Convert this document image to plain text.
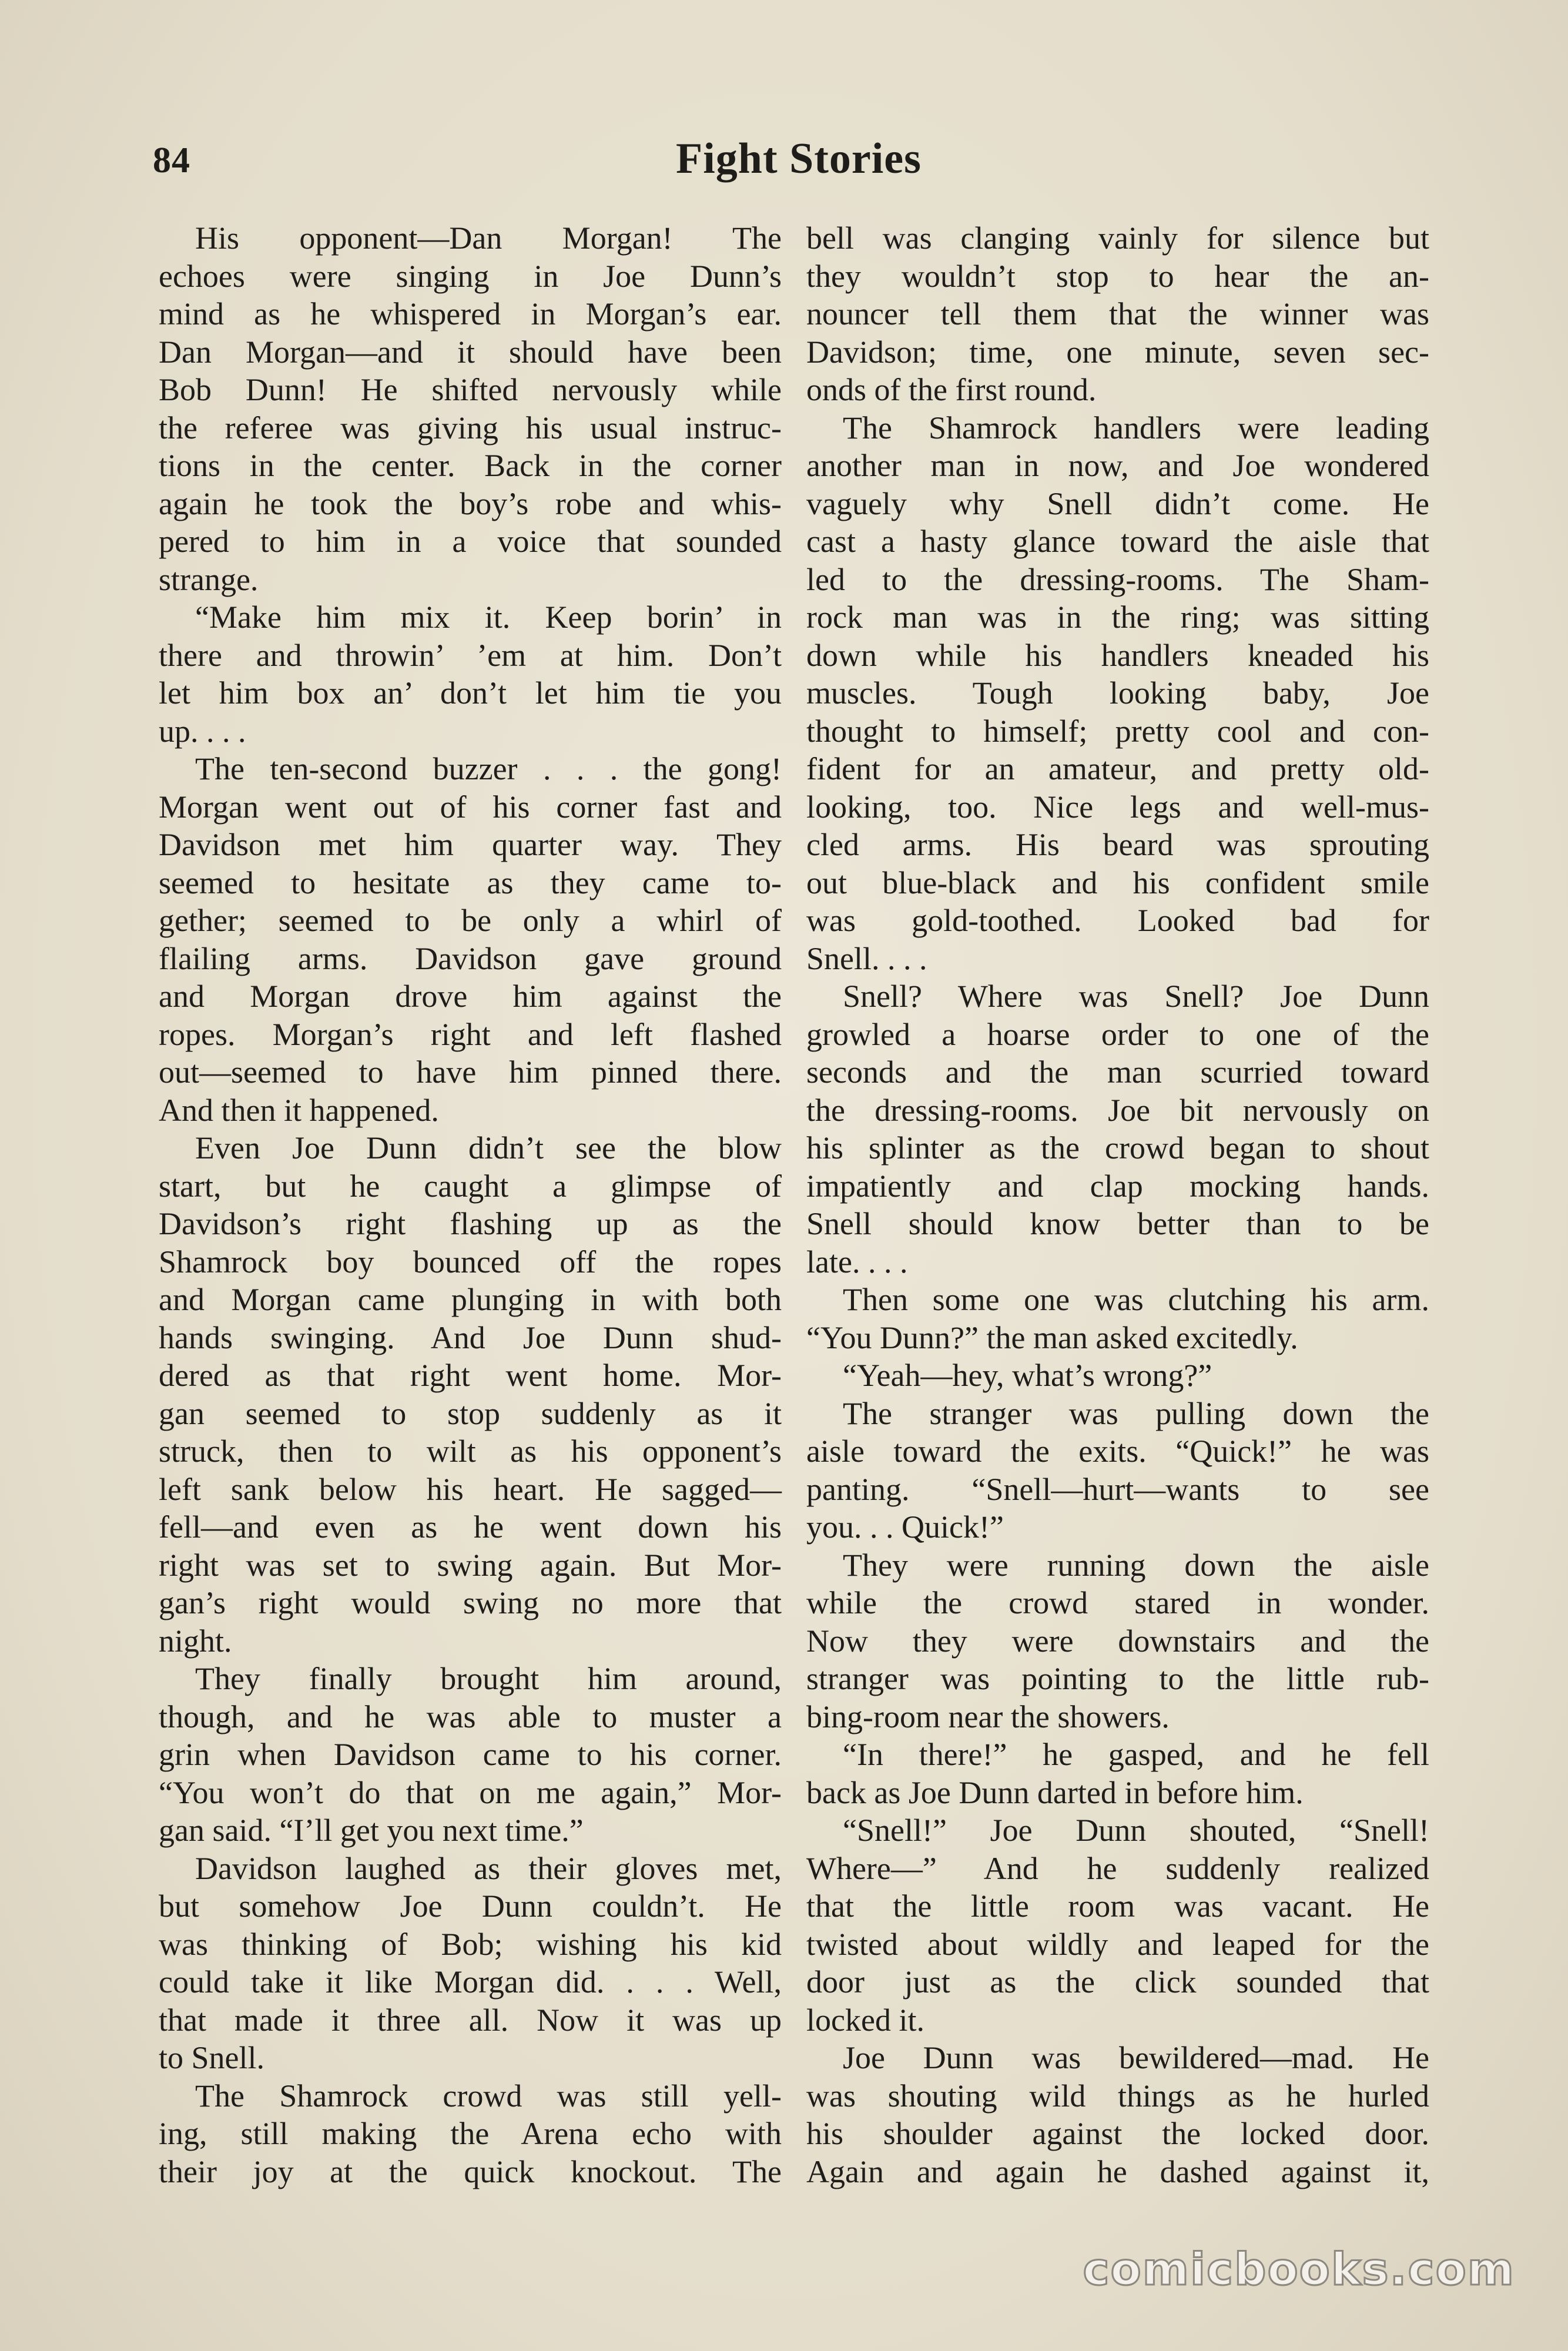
84	Fight Stories
His opponent—Dan Morgan! The
echoes were singing in Joe Dunn’s
mind as he whispered in Morgan’s ear.
Dan Morgan—and it should have been
Bob Dunn! He shifted nervously while
the referee was giving his usual instruc-
tions in the center. Back in the corner
again he took the boy’s robe and whis-
pered to him in a voice that sounded
strange.
“Make him mix it. Keep borin’ in
there and throwin’ ’em at him. Don’t
let him box an’ don’t let him tie you
up. . . .
The ten-second buzzer . . . the gong!
Morgan went out of his corner fast and
Davidson met him quarter way. They
seemed to hesitate as they came to-
gether; seemed to be only a whirl of
flailing arms. Davidson gave ground
and Morgan drove him against the
ropes. Morgan’s right and left flashed
out—seemed to have him pinned there.
And then it happened.
Even Joe Dunn didn’t see the blow
start, but he caught a glimpse of
Davidson’s right flashing up as the
Shamrock boy bounced off the ropes
and Morgan came plunging in with both
hands swinging. And Joe Dunn shud-
dered as that right went home. Mor-
gan seemed to stop suddenly as it
struck, then to wilt as his opponent’s
left sank below his heart. He sagged—
fell—and even as he went down his
right was set to swing again. But Mor-
gan’s right would swing no more that
night.
They finally brought him around,
though, and he was able to muster a
grin when Davidson came to his corner.
“You won’t do that on me again,” Mor-
gan said. “I’ll get you next time.”
Davidson laughed as their gloves met,
but somehow Joe Dunn couldn’t. He
was thinking of Bob; wishing his kid
could take it like Morgan did. . . . Well,
that made it three all. Now it was up
to Snell.
The Shamrock crowd was still yell-
ing, still making the Arena echo with
their joy at the quick knockout. The
bell was clanging vainly for silence but
they wouldn’t stop to hear the an-
nouncer tell them that the winner was
Davidson; time, one minute, seven sec-
onds of the first round.
The Shamrock handlers were leading
another man in now, and Joe wondered
vaguely why Snell didn’t come. He
cast a hasty glance toward the aisle that
led to the dressing-rooms. The Sham-
rock man was in the ring; was sitting
down while his handlers kneaded his
muscles. Tough looking baby, Joe
thought to himself; pretty cool and con-
fident for an amateur, and pretty old-
looking, too. Nice legs and well-mus-
cled arms. His beard was sprouting
out blue-black and his confident smile
was gold-toothed. Looked bad for
Snell. . . .
Snell? Where was Snell? Joe Dunn
growled a hoarse order to one of the
seconds and the man scurried toward
the dressing-rooms. Joe bit nervously on
his splinter as the crowd began to shout
impatiently and clap mocking hands.
Snell should know better than to be
late. . . .
Then some one was clutching his arm.
“You Dunn?” the man asked excitedly.
“Yeah—hey, what’s wrong?”
The stranger was pulling down the
aisle toward the exits. “Quick!” he was
panting. “Snell—hurt—wants to see
you. . . Quick!”
They were running down the aisle
while the crowd stared in wonder.
Now they were downstairs and the
stranger was pointing to the little rub-
bing-room near the showers.
“In there!” he gasped, and he fell
back as Joe Dunn darted in before him.
“Snell!” Joe Dunn shouted, “Snell!
Where—” And he suddenly realized
that the little room was vacant. He
twisted about wildly and leaped for the
door just as the click sounded that
locked it.
Joe Dunn was bewildered—mad. He
was shouting wild things as he hurled
his shoulder against the locked door.
Again and again he dashed against it,
comicbooks.com
